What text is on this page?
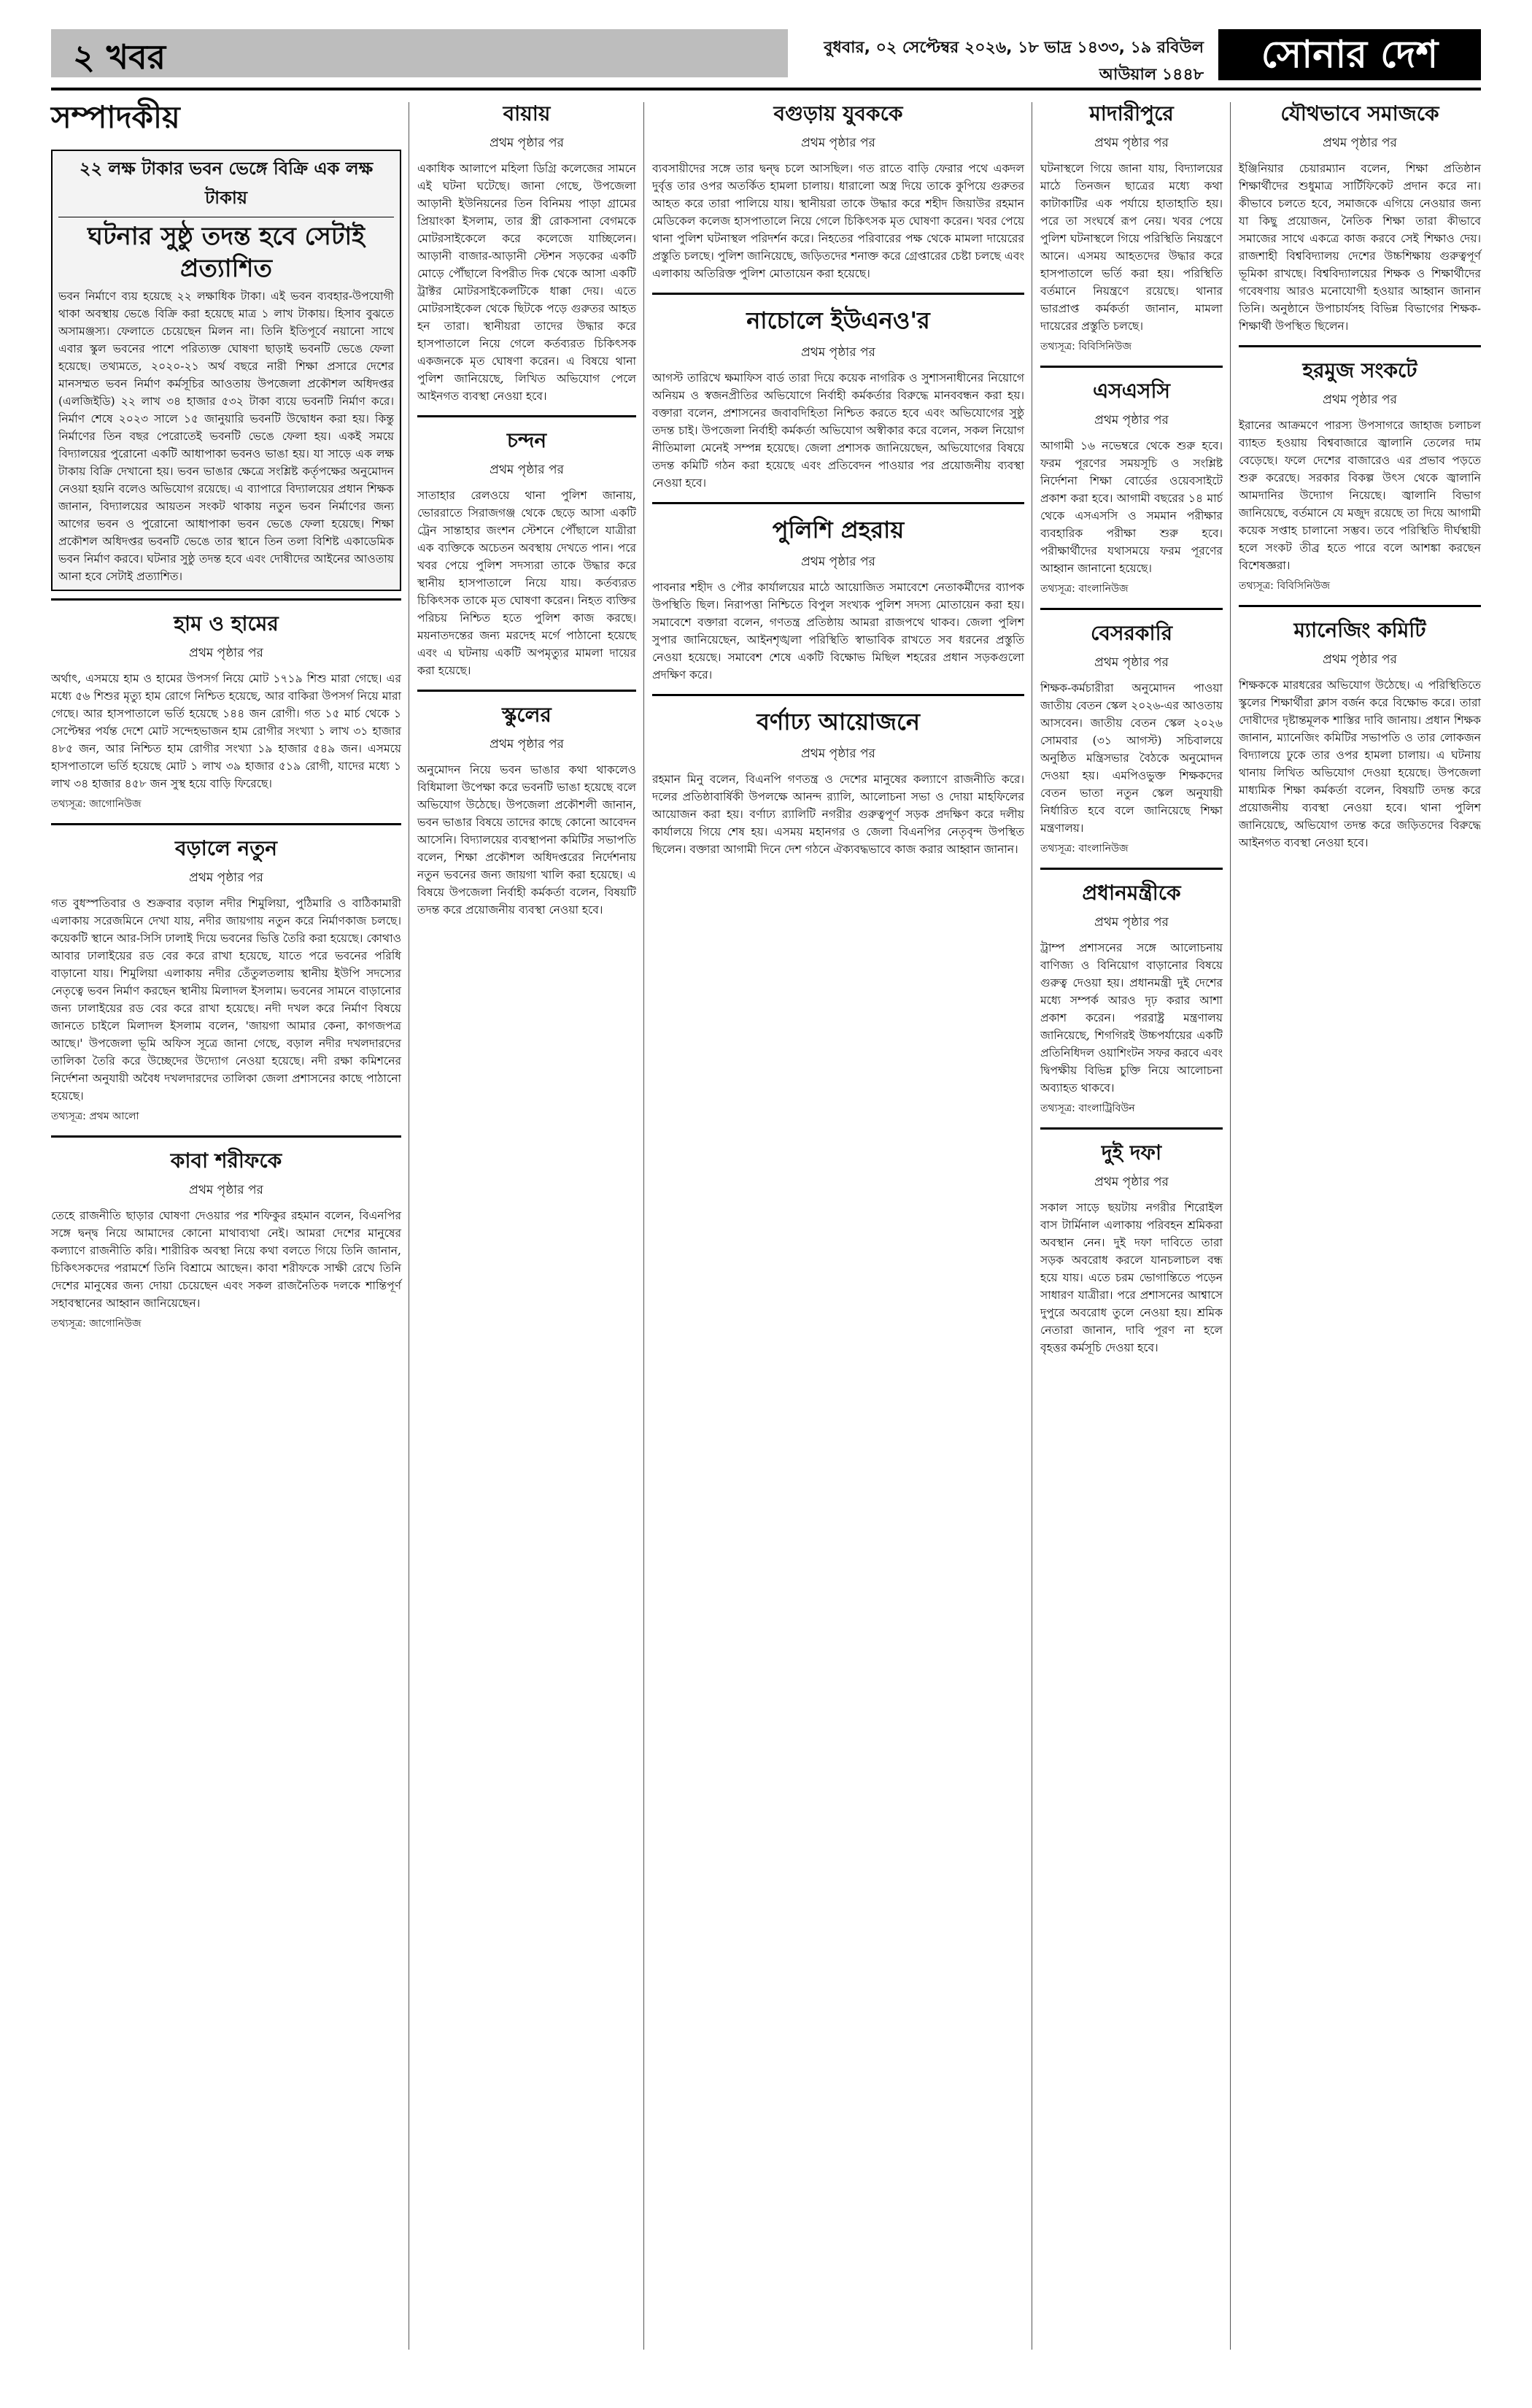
২ খবর	বুধবার, ০২ সেপ্টেম্বর ২০২৬, ১৮ ভাদ্র ১৪৩৩, ১৯ রবিউল আউয়াল ১৪৪৮	সোনার দেশ
সম্পাদকীয়
২২ লক্ষ টাকার ভবন ভেঙ্গে বিক্রি এক লক্ষ টাকায়
ঘটনার সুষ্ঠু তদন্ত হবে সেটাই প্রত্যাশিত

ভবন নির্মাণে ব্যয় হয়েছে ২২ লক্ষাধিক টাকা। এই ভবন ব্যবহার-উপযোগী থাকা অবস্থায় ভেঙে বিক্রি করা হয়েছে মাত্র ১ লাখ টাকায়। হিসাব বুঝতে অসামঞ্জস্য। ফেলাতে চেয়েছেন মিলন না। তিনি ইতিপূর্বে নয়ানো সাথে এবার স্কুল ভবনের পাশে পরিত্যক্ত ঘোষণা ছাড়াই ভবনটি ভেঙে ফেলা হয়েছে। তথ্যমতে, ২০২০-২১ অর্থ বছরে নারী শিক্ষা প্রসারে দেশের মানসম্মত ভবন নির্মাণ কর্মসূচির আওতায় উপজেলা প্রকৌশল অধিদপ্তর (এলজিইডি) ২২ লাখ ৩৪ হাজার ৫৩২ টাকা ব্যয়ে ভবনটি নির্মাণ করে। নির্মাণ শেষে ২০২৩ সালে ১৫ জানুয়ারি ভবনটি উদ্বোধন করা হয়। কিন্তু নির্মাণের তিন বছর পেরোতেই ভবনটি ভেঙে ফেলা হয়। একই সময়ে বিদ্যালয়ের পুরোনো একটি আধাপাকা ভবনও ভাঙা হয়। যা সাড়ে এক লক্ষ টাকায় বিক্রি দেখানো হয়। ভবন ভাঙার ক্ষেত্রে সংশ্লিষ্ট কর্তৃপক্ষের অনুমোদন নেওয়া হয়নি বলেও অভিযোগ রয়েছে। এ ব্যাপারে বিদ্যালয়ের প্রধান শিক্ষক জানান, বিদ্যালয়ের আয়তন সংকট থাকায় নতুন ভবন নির্মাণের জন্য আগের ভবন ও পুরোনো আধাপাকা ভবন ভেঙে ফেলা হয়েছে। শিক্ষা প্রকৌশল অধিদপ্তর ভবনটি ভেঙে তার স্থানে তিন তলা বিশিষ্ট একাডেমিক ভবন নির্মাণ করবে। ঘটনার সুষ্ঠু তদন্ত হবে এবং দোষীদের আইনের আওতায় আনা হবে সেটাই প্রত্যাশিত।

হাম ও হামের
প্রথম পৃষ্ঠার পর

অর্থাৎ, এসময়ে হাম ও হামের উপসর্গ নিয়ে মোট ১৭১৯ শিশু মারা গেছে। এর মধ্যে ৫৬ শিশুর মৃত্যু হাম রোগে নিশ্চিত হয়েছে, আর বাকিরা উপসর্গ নিয়ে মারা গেছে। আর হাসপাতালে ভর্তি হয়েছে ১৪৪ জন রোগী। গত ১৫ মার্চ থেকে ১ সেপ্টেম্বর পর্যন্ত দেশে মোট সন্দেহভাজন হাম রোগীর সংখ্যা ১ লাখ ৩১ হাজার ৪৮৫ জন, আর নিশ্চিত হাম রোগীর সংখ্যা ১৯ হাজার ৫৪৯ জন। এসময়ে হাসপাতালে ভর্তি হয়েছে মোট ১ লাখ ৩৯ হাজার ৫১৯ রোগী, যাদের মধ্যে ১ লাখ ৩৪ হাজার ৪৫৮ জন সুস্থ হয়ে বাড়ি ফিরেছে।

তথ্যসূত্র: জাগোনিউজ
বড়ালে নতুন
প্রথম পৃষ্ঠার পর

গত বুধস্পতিবার ও শুক্রবার বড়াল নদীর শিমুলিয়া, পুঠিমারি ও বাঠিকামারী এলাকায় সরেজমিনে দেখা যায়, নদীর জায়গায় নতুন করে নির্মাণকাজ চলছে। কয়েকটি স্থানে আর-সিসি ঢালাই দিয়ে ভবনের ভিত্তি তৈরি করা হয়েছে। কোথাও আবার ঢালাইয়ের রড বের করে রাখা হয়েছে, যাতে পরে ভবনের পরিধি বাড়ানো যায়। শিমুলিয়া এলাকায় নদীর তেঁতুলতলায় স্থানীয় ইউপি সদস্যের নেতৃত্বে ভবন নির্মাণ করছেন স্থানীয় মিলাদল ইসলাম। ভবনের সামনে বাড়ানোর জন্য ঢালাইয়ের রড বের করে রাখা হয়েছে। নদী দখল করে নির্মাণ বিষয়ে জানতে চাইলে মিলাদল ইসলাম বলেন, 'জায়গা আমার কেনা, কাগজপত্র আছে।' উপজেলা ভূমি অফিস সূত্রে জানা গেছে, বড়াল নদীর দখলদারদের তালিকা তৈরি করে উচ্ছেদের উদ্যোগ নেওয়া হয়েছে। নদী রক্ষা কমিশনের নির্দেশনা অনুযায়ী অবৈধ দখলদারদের তালিকা জেলা প্রশাসনের কাছে পাঠানো হয়েছে।

তথ্যসূত্র: প্রথম আলো
কাবা শরীফকে
প্রথম পৃষ্ঠার পর

তেহে রাজনীতি ছাড়ার ঘোষণা দেওয়ার পর শফিকুর রহমান বলেন, বিএনপির সঙ্গে দ্বন্দ্ব নিয়ে আমাদের কোনো মাথাব্যথা নেই। আমরা দেশের মানুষের কল্যাণে রাজনীতি করি। শারীরিক অবস্থা নিয়ে কথা বলতে গিয়ে তিনি জানান, চিকিৎসকদের পরামর্শে তিনি বিশ্রামে আছেন। কাবা শরীফকে সাক্ষী রেখে তিনি দেশের মানুষের জন্য দোয়া চেয়েছেন এবং সকল রাজনৈতিক দলকে শান্তিপূর্ণ সহাবস্থানের আহ্বান জানিয়েছেন।

তথ্যসূত্র: জাগোনিউজ
বায়ায়
প্রথম পৃষ্ঠার পর

একাধিক আলাপে মহিলা ডিগ্রি কলেজের সামনে এই ঘটনা ঘটেছে। জানা গেছে, উপজেলা আড়ানী ইউনিয়নের তিন বিনিময় পাড়া গ্রামের প্রিয়াংকা ইসলাম, তার স্ত্রী রোকসানা বেগমকে মোটরসাইকেলে করে কলেজে যাচ্ছিলেন। আড়ানী বাজার-আড়ানী স্টেশন সড়কের একটি মোড়ে পৌঁছালে বিপরীত দিক থেকে আসা একটি ট্রাক্টর মোটরসাইকেলটিকে ধাক্কা দেয়। এতে মোটরসাইকেল থেকে ছিটকে পড়ে গুরুতর আহত হন তারা। স্থানীয়রা তাদের উদ্ধার করে হাসপাতালে নিয়ে গেলে কর্তব্যরত চিকিৎসক একজনকে মৃত ঘোষণা করেন। এ বিষয়ে থানা পুলিশ জানিয়েছে, লিখিত অভিযোগ পেলে আইনগত ব্যবস্থা নেওয়া হবে।

চন্দন
প্রথম পৃষ্ঠার পর

সাতাহার রেলওয়ে থানা পুলিশ জানায়, ভোররাতে সিরাজগঞ্জ থেকে ছেড়ে আসা একটি ট্রেন সান্তাহার জংশন স্টেশনে পৌঁছালে যাত্রীরা এক ব্যক্তিকে অচেতন অবস্থায় দেখতে পান। পরে খবর পেয়ে পুলিশ সদস্যরা তাকে উদ্ধার করে স্থানীয় হাসপাতালে নিয়ে যায়। কর্তব্যরত চিকিৎসক তাকে মৃত ঘোষণা করেন। নিহত ব্যক্তির পরিচয় নিশ্চিত হতে পুলিশ কাজ করছে। ময়নাতদন্তের জন্য মরদেহ মর্গে পাঠানো হয়েছে এবং এ ঘটনায় একটি অপমৃত্যুর মামলা দায়ের করা হয়েছে।

স্কুলের
প্রথম পৃষ্ঠার পর

অনুমোদন নিয়ে ভবন ভাঙার কথা থাকলেও বিধিমালা উপেক্ষা করে ভবনটি ভাঙা হয়েছে বলে অভিযোগ উঠেছে। উপজেলা প্রকৌশলী জানান, ভবন ভাঙার বিষয়ে তাদের কাছে কোনো আবেদন আসেনি। বিদ্যালয়ের ব্যবস্থাপনা কমিটির সভাপতি বলেন, শিক্ষা প্রকৌশল অধিদপ্তরের নির্দেশনায় নতুন ভবনের জন্য জায়গা খালি করা হয়েছে। এ বিষয়ে উপজেলা নির্বাহী কর্মকর্তা বলেন, বিষয়টি তদন্ত করে প্রয়োজনীয় ব্যবস্থা নেওয়া হবে।

বগুড়ায় যুবককে
প্রথম পৃষ্ঠার পর

ব্যবসায়ীদের সঙ্গে তার দ্বন্দ্ব চলে আসছিল। গত রাতে বাড়ি ফেরার পথে একদল দুর্বৃত্ত তার ওপর অতর্কিত হামলা চালায়। ধারালো অস্ত্র দিয়ে তাকে কুপিয়ে গুরুতর আহত করে তারা পালিয়ে যায়। স্থানীয়রা তাকে উদ্ধার করে শহীদ জিয়াউর রহমান মেডিকেল কলেজ হাসপাতালে নিয়ে গেলে চিকিৎসক মৃত ঘোষণা করেন। খবর পেয়ে থানা পুলিশ ঘটনাস্থল পরিদর্শন করে। নিহতের পরিবারের পক্ষ থেকে মামলা দায়েরের প্রস্তুতি চলছে। পুলিশ জানিয়েছে, জড়িতদের শনাক্ত করে গ্রেপ্তারের চেষ্টা চলছে এবং এলাকায় অতিরিক্ত পুলিশ মোতায়েন করা হয়েছে।

নাচোলে ইউএনও'র
প্রথম পৃষ্ঠার পর

আগস্ট তারিখে ক্ষমাফিস বার্ড তারা দিয়ে কয়েক নাগরিক ও সুশাসনাধীনের নিয়োগে অনিয়ম ও স্বজনপ্রীতির অভিযোগে নির্বাহী কর্মকর্তার বিরুদ্ধে মানববন্ধন করা হয়। বক্তারা বলেন, প্রশাসনের জবাবদিহিতা নিশ্চিত করতে হবে এবং অভিযোগের সুষ্ঠু তদন্ত চাই। উপজেলা নির্বাহী কর্মকর্তা অভিযোগ অস্বীকার করে বলেন, সকল নিয়োগ নীতিমালা মেনেই সম্পন্ন হয়েছে। জেলা প্রশাসক জানিয়েছেন, অভিযোগের বিষয়ে তদন্ত কমিটি গঠন করা হয়েছে এবং প্রতিবেদন পাওয়ার পর প্রয়োজনীয় ব্যবস্থা নেওয়া হবে।

পুলিশি প্রহরায়
প্রথম পৃষ্ঠার পর

পাবনার শহীদ ও পৌর কার্যালয়ের মাঠে আয়োজিত সমাবেশে নেতাকর্মীদের ব্যাপক উপস্থিতি ছিল। নিরাপত্তা নিশ্চিতে বিপুল সংখ্যক পুলিশ সদস্য মোতায়েন করা হয়। সমাবেশে বক্তারা বলেন, গণতন্ত্র প্রতিষ্ঠায় আমরা রাজপথে থাকব। জেলা পুলিশ সুপার জানিয়েছেন, আইনশৃঙ্খলা পরিস্থিতি স্বাভাবিক রাখতে সব ধরনের প্রস্তুতি নেওয়া হয়েছে। সমাবেশ শেষে একটি বিক্ষোভ মিছিল শহরের প্রধান সড়কগুলো প্রদক্ষিণ করে।

বর্ণাঢ্য আয়োজনে
প্রথম পৃষ্ঠার পর

রহমান মিনু বলেন, বিএনপি গণতন্ত্র ও দেশের মানুষের কল্যাণে রাজনীতি করে। দলের প্রতিষ্ঠাবার্ষিকী উপলক্ষে আনন্দ র‍্যালি, আলোচনা সভা ও দোয়া মাহফিলের আয়োজন করা হয়। বর্ণাঢ্য র‍্যালিটি নগরীর গুরুত্বপূর্ণ সড়ক প্রদক্ষিণ করে দলীয় কার্যালয়ে গিয়ে শেষ হয়। এসময় মহানগর ও জেলা বিএনপির নেতৃবৃন্দ উপস্থিত ছিলেন। বক্তারা আগামী দিনে দেশ গঠনে ঐক্যবদ্ধভাবে কাজ করার আহ্বান জানান।

মাদারীপুরে
প্রথম পৃষ্ঠার পর

ঘটনাস্থলে গিয়ে জানা যায়, বিদ্যালয়ের মাঠে তিনজন ছাত্রের মধ্যে কথা কাটাকাটির এক পর্যায়ে হাতাহাতি হয়। পরে তা সংঘর্ষে রূপ নেয়। খবর পেয়ে পুলিশ ঘটনাস্থলে গিয়ে পরিস্থিতি নিয়ন্ত্রণে আনে। এসময় আহতদের উদ্ধার করে হাসপাতালে ভর্তি করা হয়। পরিস্থিতি বর্তমানে নিয়ন্ত্রণে রয়েছে। থানার ভারপ্রাপ্ত কর্মকর্তা জানান, মামলা দায়েরের প্রস্তুতি চলছে।

তথ্যসূত্র: বিবিসিনিউজ
এসএসসি
প্রথম পৃষ্ঠার পর

আগামী ১৬ নভেম্বরে থেকে শুরু হবে। ফরম পূরণের সময়সূচি ও সংশ্লিষ্ট নির্দেশনা শিক্ষা বোর্ডের ওয়েবসাইটে প্রকাশ করা হবে। আগামী বছরের ১৪ মার্চ থেকে এসএসসি ও সমমান পরীক্ষার ব্যবহারিক পরীক্ষা শুরু হবে। পরীক্ষার্থীদের যথাসময়ে ফরম পূরণের আহ্বান জানানো হয়েছে।

তথ্যসূত্র: বাংলানিউজ
বেসরকারি
প্রথম পৃষ্ঠার পর

শিক্ষক-কর্মচারীরা অনুমোদন পাওয়া জাতীয় বেতন স্কেল ২০২৬-এর আওতায় আসবেন। জাতীয় বেতন স্কেল ২০২৬ সোমবার (৩১ আগস্ট) সচিবালয়ে অনুষ্ঠিত মন্ত্রিসভার বৈঠকে অনুমোদন দেওয়া হয়। এমপিওভুক্ত শিক্ষকদের বেতন ভাতা নতুন স্কেল অনুযায়ী নির্ধারিত হবে বলে জানিয়েছে শিক্ষা মন্ত্রণালয়।

তথ্যসূত্র: বাংলানিউজ
প্রধানমন্ত্রীকে
প্রথম পৃষ্ঠার পর

ট্রাম্প প্রশাসনের সঙ্গে আলোচনায় বাণিজ্য ও বিনিয়োগ বাড়ানোর বিষয়ে গুরুত্ব দেওয়া হয়। প্রধানমন্ত্রী দুই দেশের মধ্যে সম্পর্ক আরও দৃঢ় করার আশা প্রকাশ করেন। পররাষ্ট্র মন্ত্রণালয় জানিয়েছে, শিগগিরই উচ্চপর্যায়ের একটি প্রতিনিধিদল ওয়াশিংটন সফর করবে এবং দ্বিপক্ষীয় বিভিন্ন চুক্তি নিয়ে আলোচনা অব্যাহত থাকবে।

তথ্যসূত্র: বাংলাট্রিবিউন
দুই দফা
প্রথম পৃষ্ঠার পর

সকাল সাড়ে ছয়টায় নগরীর শিরোইল বাস টার্মিনাল এলাকায় পরিবহন শ্রমিকরা অবস্থান নেন। দুই দফা দাবিতে তারা সড়ক অবরোধ করলে যানচলাচল বন্ধ হয়ে যায়। এতে চরম ভোগান্তিতে পড়েন সাধারণ যাত্রীরা। পরে প্রশাসনের আশ্বাসে দুপুরে অবরোধ তুলে নেওয়া হয়। শ্রমিক নেতারা জানান, দাবি পূরণ না হলে বৃহত্তর কর্মসূচি দেওয়া হবে।

যৌথভাবে সমাজকে
প্রথম পৃষ্ঠার পর

ইঞ্জিনিয়ার চেয়ারম্যান বলেন, শিক্ষা প্রতিষ্ঠান শিক্ষার্থীদের শুধুমাত্র সার্টিফিকেট প্রদান করে না। কীভাবে চলতে হবে, সমাজকে এগিয়ে নেওয়ার জন্য যা কিছু প্রয়োজন, নৈতিক শিক্ষা তারা কীভাবে সমাজের সাথে একত্রে কাজ করবে সেই শিক্ষাও দেয়। রাজশাহী বিশ্ববিদ্যালয় দেশের উচ্চশিক্ষায় গুরুত্বপূর্ণ ভূমিকা রাখছে। বিশ্ববিদ্যালয়ের শিক্ষক ও শিক্ষার্থীদের গবেষণায় আরও মনোযোগী হওয়ার আহ্বান জানান তিনি। অনুষ্ঠানে উপাচার্যসহ বিভিন্ন বিভাগের শিক্ষক-শিক্ষার্থী উপস্থিত ছিলেন।

হরমুজ সংকটে
প্রথম পৃষ্ঠার পর

ইরানের আক্রমণে পারস্য উপসাগরে জাহাজ চলাচল ব্যাহত হওয়ায় বিশ্ববাজারে জ্বালানি তেলের দাম বেড়েছে। ফলে দেশের বাজারেও এর প্রভাব পড়তে শুরু করেছে। সরকার বিকল্প উৎস থেকে জ্বালানি আমদানির উদ্যোগ নিয়েছে। জ্বালানি বিভাগ জানিয়েছে, বর্তমানে যে মজুদ রয়েছে তা দিয়ে আগামী কয়েক সপ্তাহ চালানো সম্ভব। তবে পরিস্থিতি দীর্ঘস্থায়ী হলে সংকট তীব্র হতে পারে বলে আশঙ্কা করছেন বিশেষজ্ঞরা।

তথ্যসূত্র: বিবিসিনিউজ
ম্যানেজিং কমিটি
প্রথম পৃষ্ঠার পর

শিক্ষককে মারধরের অভিযোগ উঠেছে। এ পরিস্থিতিতে স্কুলের শিক্ষার্থীরা ক্লাস বর্জন করে বিক্ষোভ করে। তারা দোষীদের দৃষ্টান্তমূলক শাস্তির দাবি জানায়। প্রধান শিক্ষক জানান, ম্যানেজিং কমিটির সভাপতি ও তার লোকজন বিদ্যালয়ে ঢুকে তার ওপর হামলা চালায়। এ ঘটনায় থানায় লিখিত অভিযোগ দেওয়া হয়েছে। উপজেলা মাধ্যমিক শিক্ষা কর্মকর্তা বলেন, বিষয়টি তদন্ত করে প্রয়োজনীয় ব্যবস্থা নেওয়া হবে। থানা পুলিশ জানিয়েছে, অভিযোগ তদন্ত করে জড়িতদের বিরুদ্ধে আইনগত ব্যবস্থা নেওয়া হবে।
